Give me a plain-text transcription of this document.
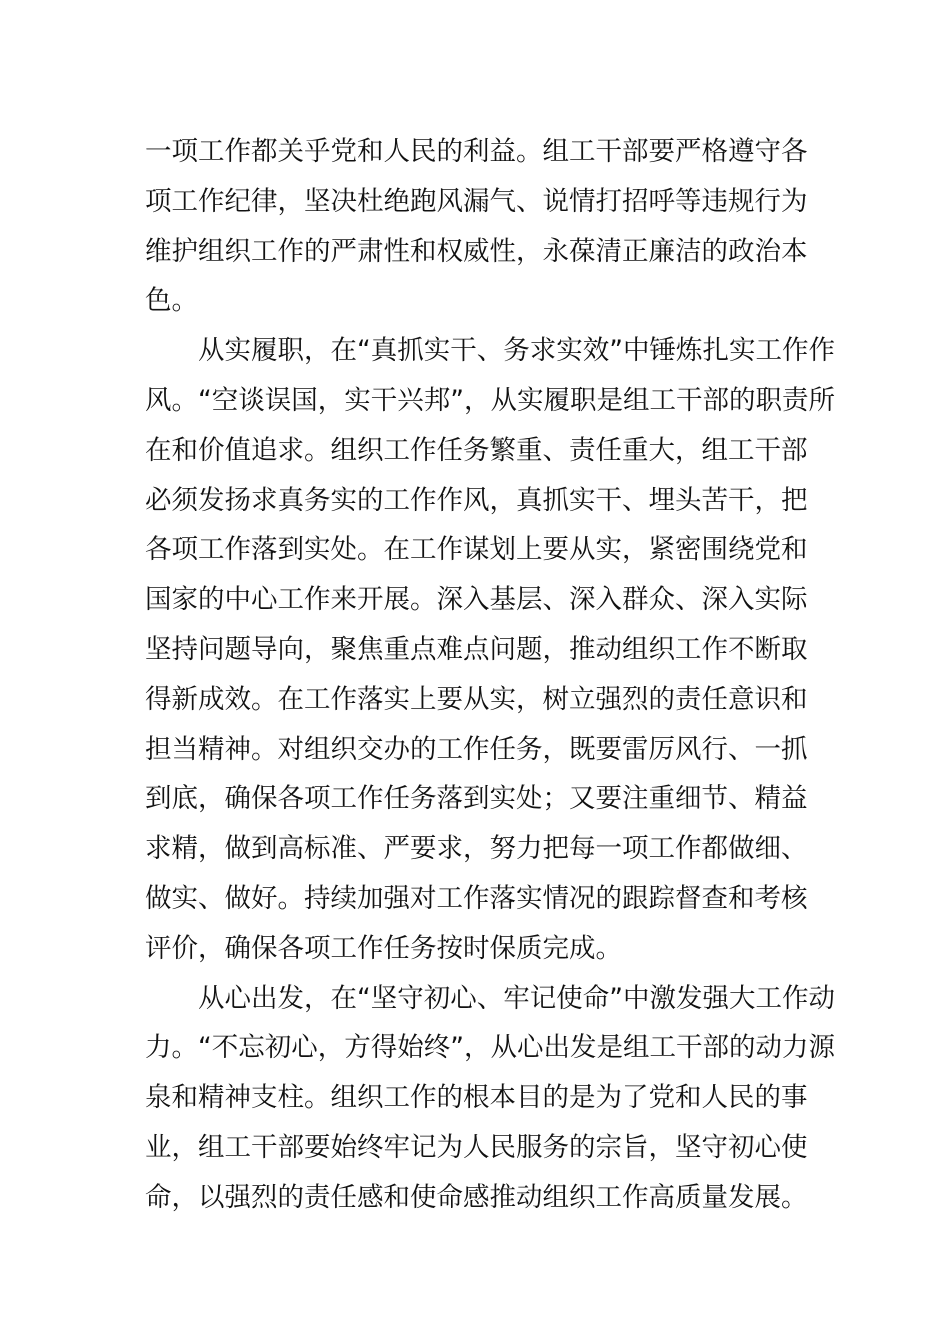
一项工作都关乎党和人民的利益。组工干部要严格遵守各
项工作纪律，坚决杜绝跑风漏气、说情打招呼等违规行为
维护组织工作的严肃性和权威性，永葆清正廉洁的政治本
色。
从实履职，在“真抓实干、务求实效”中锤炼扎实工作作
风。“空谈误国，实干兴邦”，从实履职是组工干部的职责所
在和价值追求。组织工作任务繁重、责任重大，组工干部
必须发扬求真务实的工作作风，真抓实干、埋头苦干，把
各项工作落到实处。在工作谋划上要从实，紧密围绕党和
国家的中心工作来开展。深入基层、深入群众、深入实际
坚持问题导向，聚焦重点难点问题，推动组织工作不断取
得新成效。在工作落实上要从实，树立强烈的责任意识和
担当精神。对组织交办的工作任务，既要雷厉风行、一抓
到底，确保各项工作任务落到实处；又要注重细节、精益
求精，做到高标准、严要求，努力把每一项工作都做细、
做实、做好。持续加强对工作落实情况的跟踪督查和考核
评价，确保各项工作任务按时保质完成。
从心出发，在“坚守初心、牢记使命”中激发强大工作动
力。“不忘初心，方得始终”，从心出发是组工干部的动力源
泉和精神支柱。组织工作的根本目的是为了党和人民的事
业，组工干部要始终牢记为人民服务的宗旨，坚守初心使
命，以强烈的责任感和使命感推动组织工作高质量发展。
